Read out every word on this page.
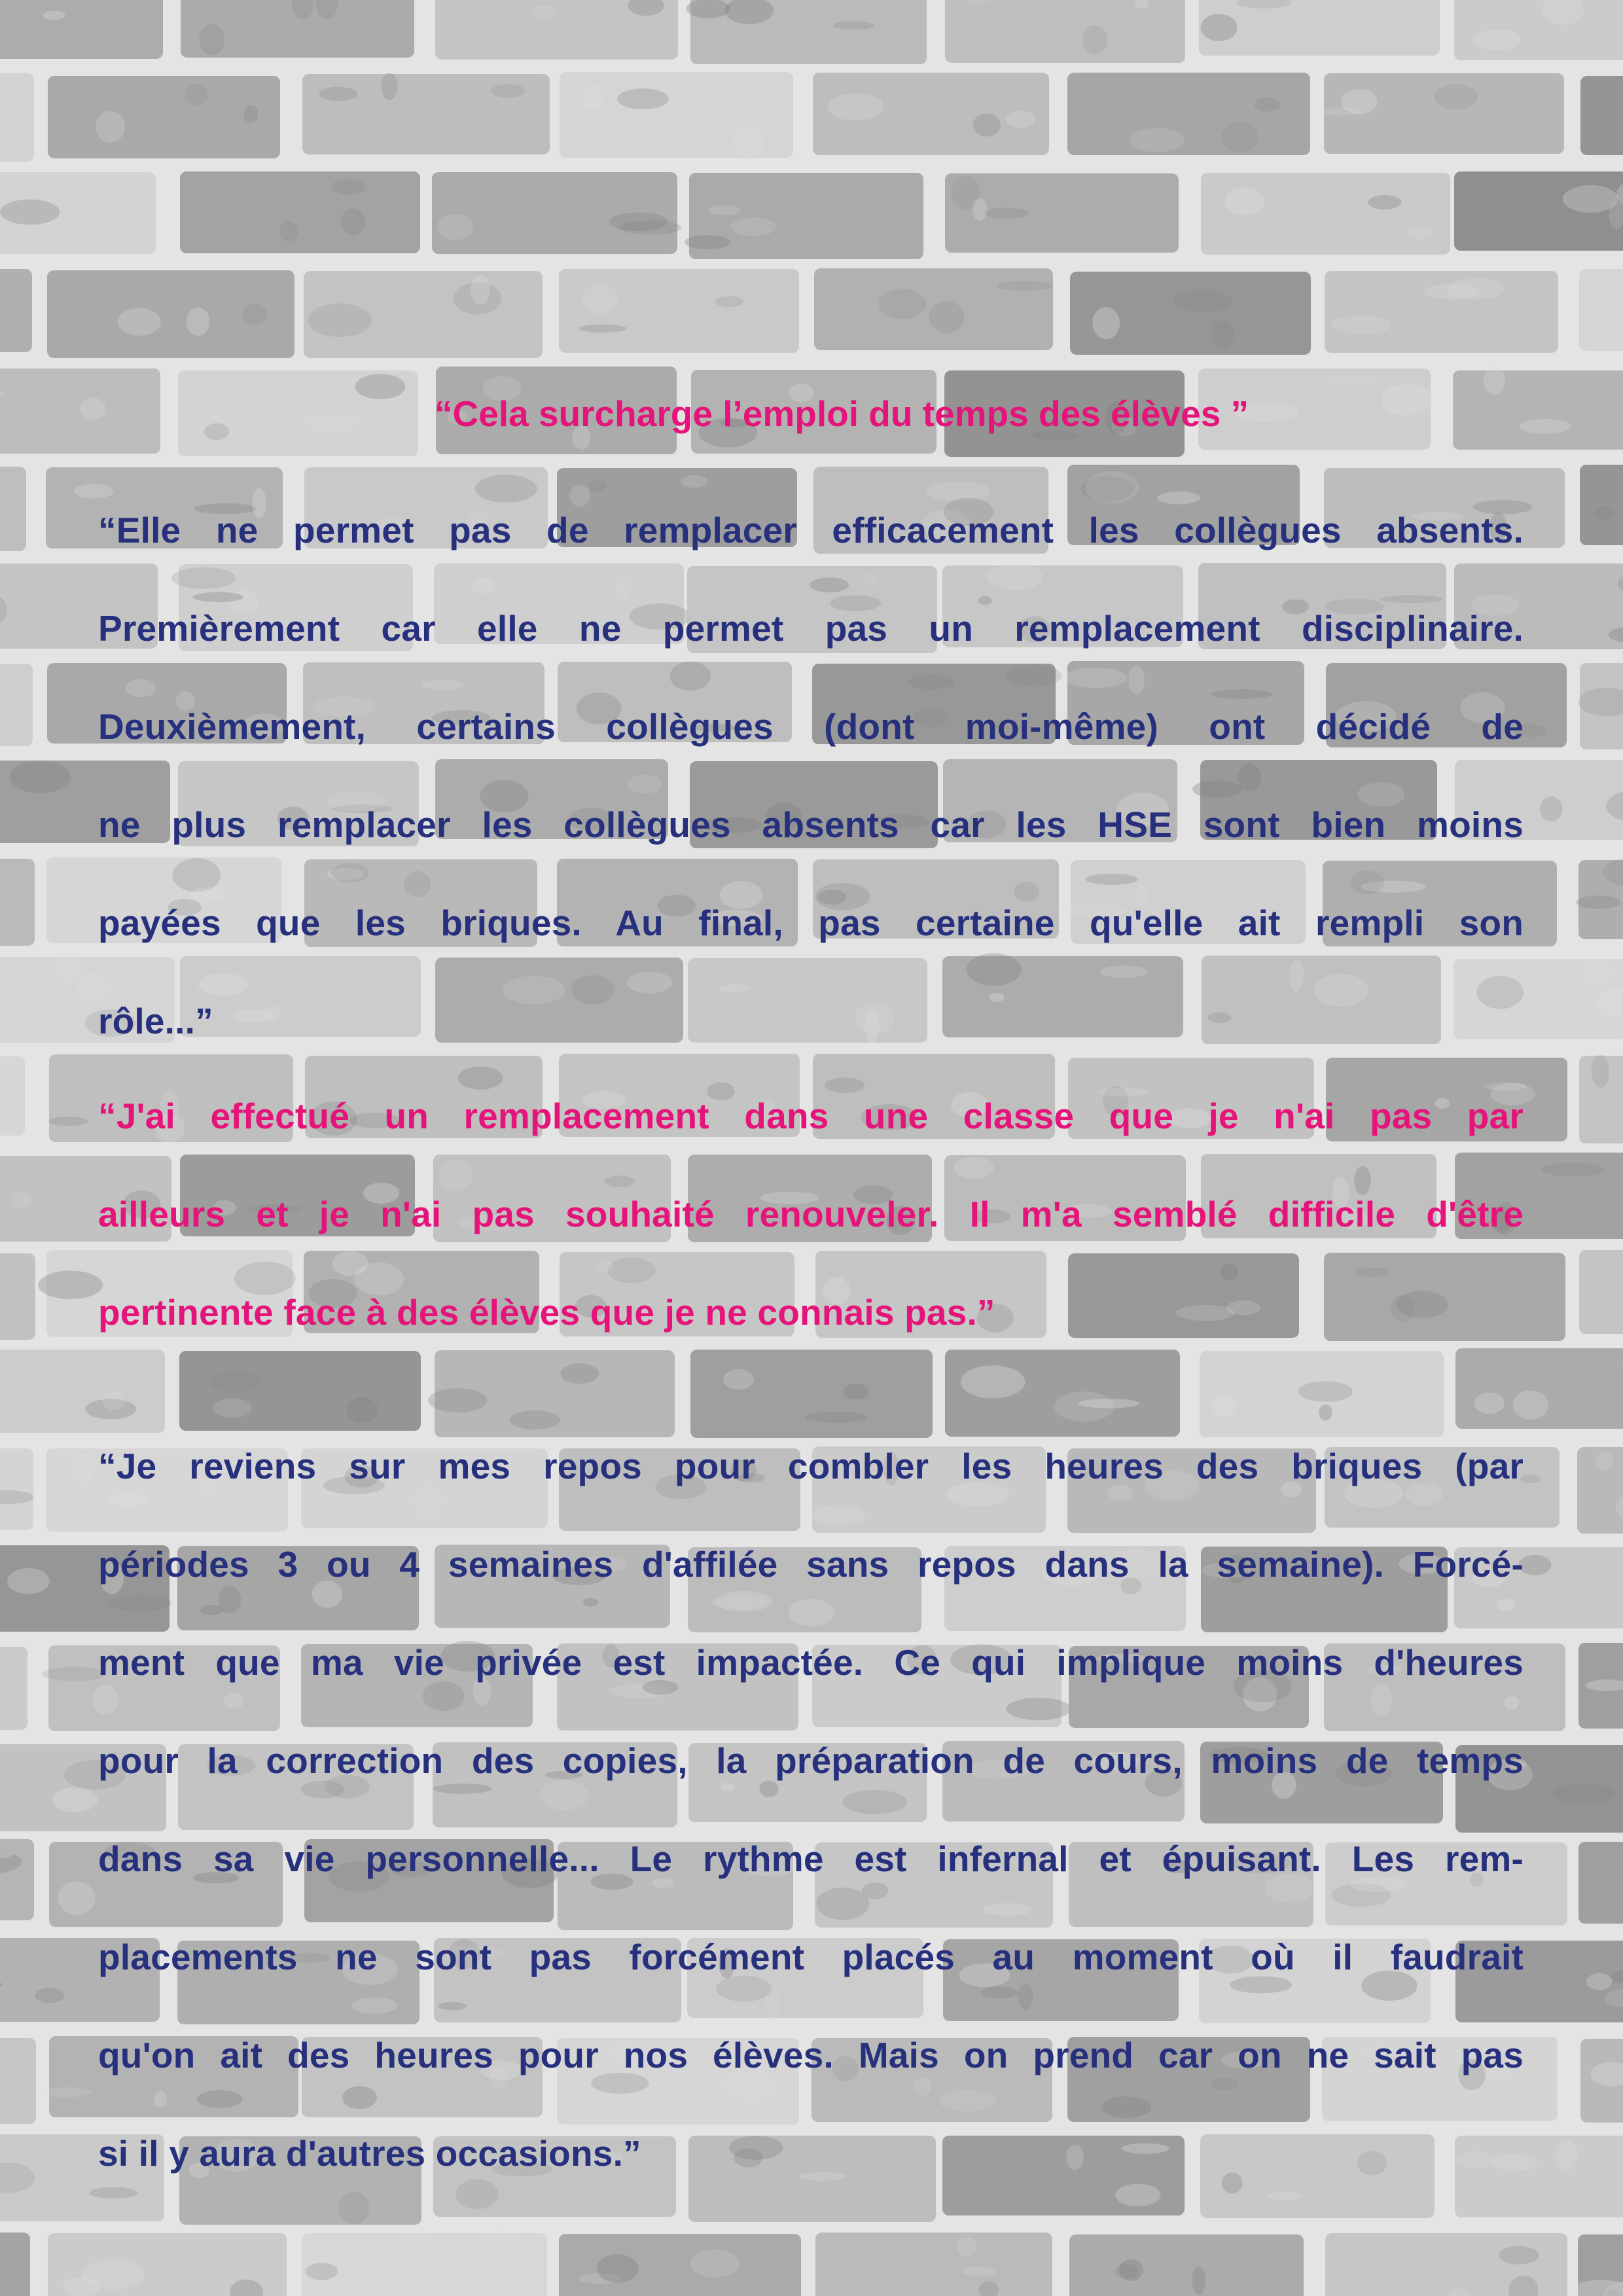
“Cela surcharge l’emploi du temps des élèves ”
“Elle ne permet pas de remplacer efficacement les collègues absents.
Premièrement car elle ne permet pas un remplacement disciplinaire.
Deuxièmement, certains collègues (dont moi-même) ont décidé de
ne plus remplacer les collègues absents car les HSE sont bien moins
payées que les briques. Au final, pas certaine qu'elle ait rempli son
rôle...”
“J'ai effectué un remplacement dans une classe que je n'ai pas par
ailleurs et je n'ai pas souhaité renouveler. Il m'a semblé difficile d'être
pertinente face à des élèves que je ne connais pas.”
“Je reviens sur mes repos pour combler les heures des briques (par
périodes 3 ou 4 semaines d'affilée sans repos dans la semaine). Forcé-
ment que ma vie privée est impactée. Ce qui implique moins d'heures
pour la correction des copies, la préparation de cours, moins de temps
dans sa vie personnelle... Le rythme est infernal et épuisant. Les rem-
placements ne sont pas forcément placés au moment où il faudrait
qu'on ait des heures pour nos élèves. Mais on prend car on ne sait pas
si il y aura d'autres occasions.”
